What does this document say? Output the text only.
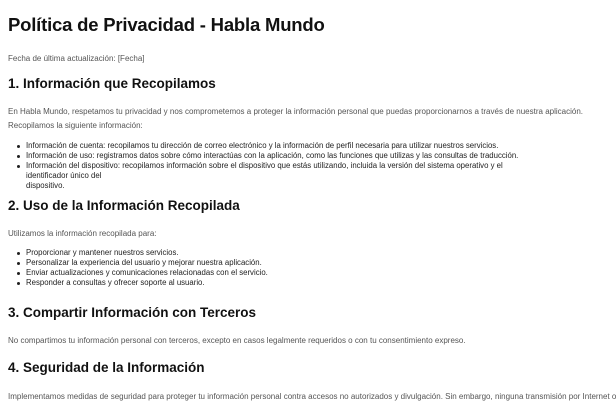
Política de Privacidad - Habla Mundo
Fecha de última actualización: [Fecha]
1. Información que Recopilamos

En Habla Mundo, respetamos tu privacidad y nos comprometemos a proteger la información personal que puedas proporcionarnos a través de nuestra aplicación.

Recopilamos la siguiente información:

Información de cuenta: recopilamos tu dirección de correo electrónico y la información de perfil necesaria para utilizar nuestros servicios.
Información de uso: registramos datos sobre cómo interactúas con la aplicación, como las funciones que utilizas y las consultas de traducción.
Información del dispositivo: recopilamos información sobre el dispositivo que estás utilizando, incluida la versión del sistema operativo y el identificador único del
dispositivo.
2. Uso de la Información Recopilada

Utilizamos la información recopilada para:

Proporcionar y mantener nuestros servicios.
Personalizar la experiencia del usuario y mejorar nuestra aplicación.
Enviar actualizaciones y comunicaciones relacionadas con el servicio.
Responder a consultas y ofrecer soporte al usuario.
3. Compartir Información con Terceros

No compartimos tu información personal con terceros, excepto en casos legalmente requeridos o con tu consentimiento expreso.

4. Seguridad de la Información

Implementamos medidas de seguridad para proteger tu información personal contra accesos no autorizados y divulgación. Sin embargo, ninguna transmisión por Internet o
